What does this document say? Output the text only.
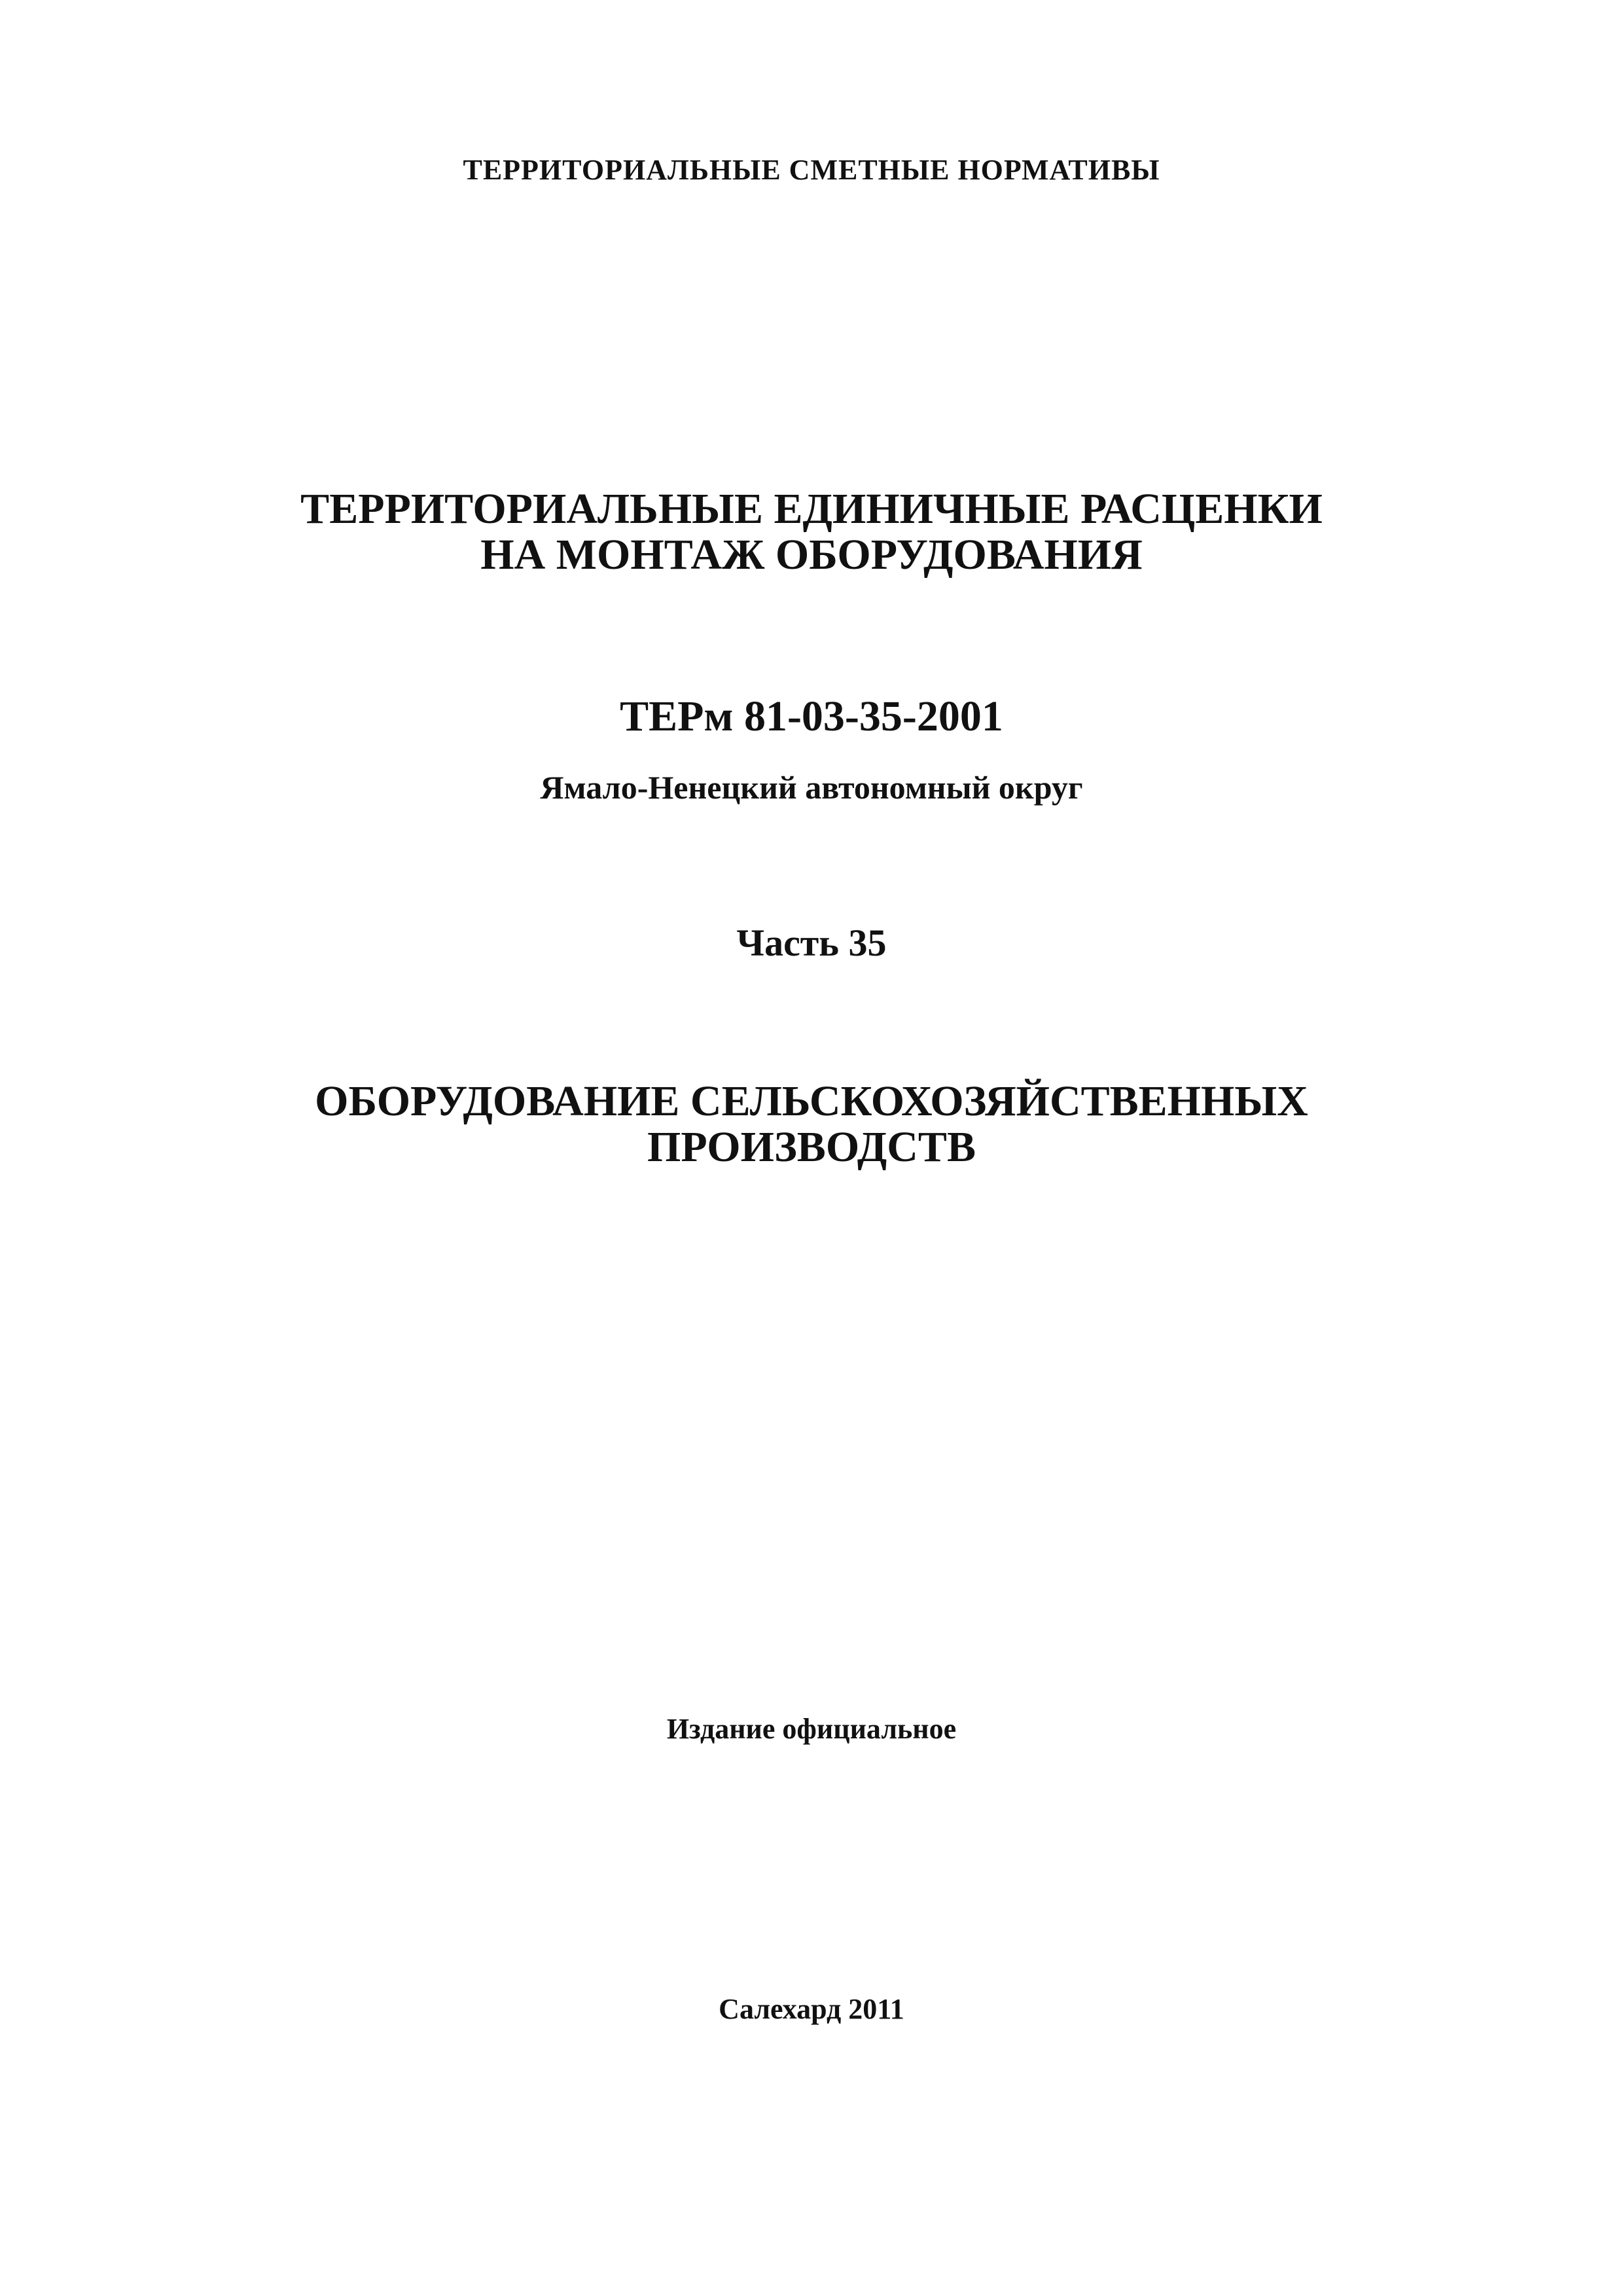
ТЕРРИТОРИАЛЬНЫЕ СМЕТНЫЕ НОРМАТИВЫ
ТЕРРИТОРИАЛЬНЫЕ ЕДИНИЧНЫЕ РАСЦЕНКИ
НА МОНТАЖ ОБОРУДОВАНИЯ
ТЕРм 81-03-35-2001
Ямало-Ненецкий автономный округ
Часть 35
ОБОРУДОВАНИЕ СЕЛЬСКОХОЗЯЙСТВЕННЫХ
ПРОИЗВОДСТВ
Издание официальное
Салехард 2011
